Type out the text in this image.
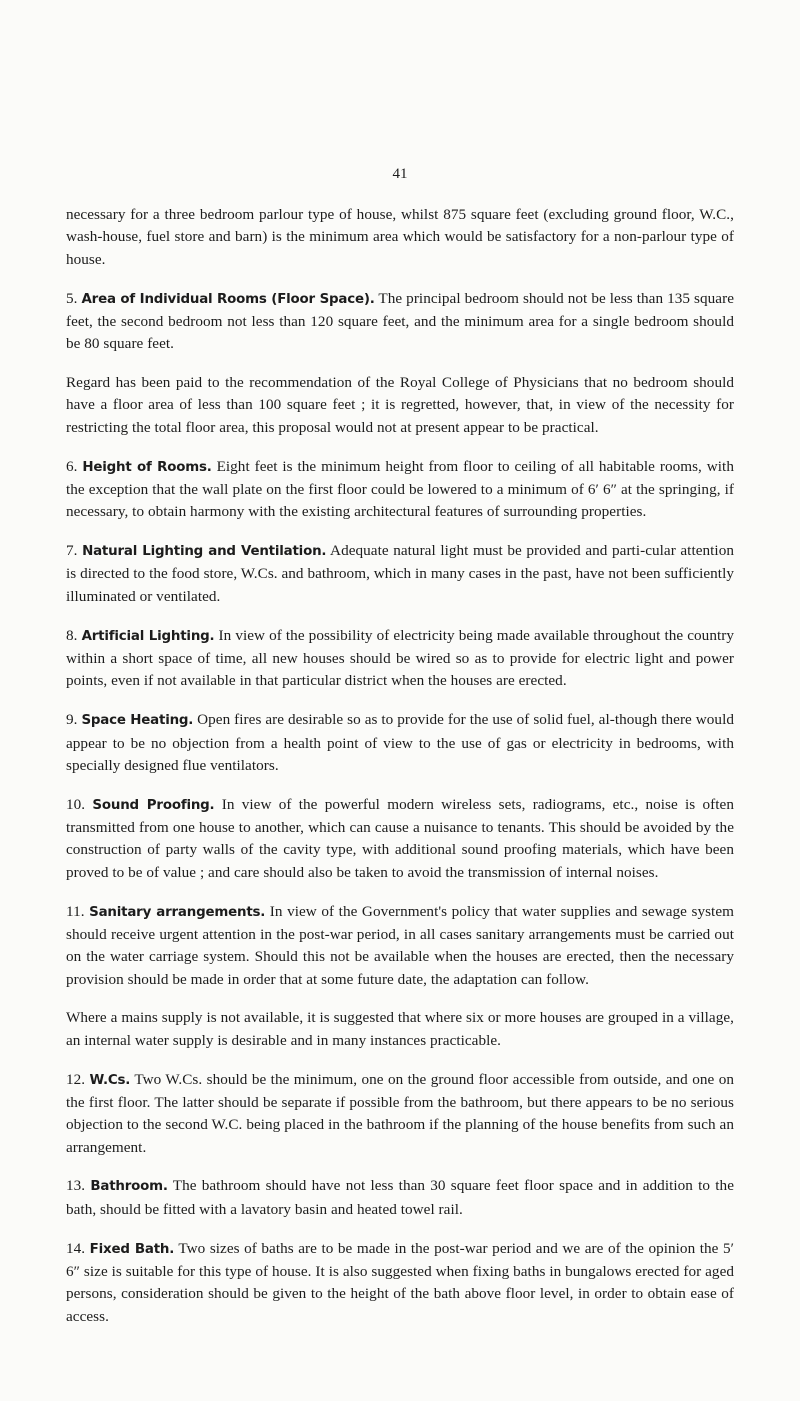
41

necessary for a three bedroom parlour type of house, whilst 875 square feet (excluding ground floor, W.C., wash-house, fuel store and barn) is the minimum area which would be satisfactory for a non-parlour type of house.

5. Area of Individual Rooms (Floor Space). The principal bedroom should not be less than 135 square feet, the second bedroom not less than 120 square feet, and the minimum area for a single bedroom should be 80 square feet.

Regard has been paid to the recommendation of the Royal College of Physicians that no bedroom should have a floor area of less than 100 square feet ; it is regretted, however, that, in view of the necessity for restricting the total floor area, this proposal would not at present appear to be practical.

6. Height of Rooms. Eight feet is the minimum height from floor to ceiling of all habitable rooms, with the exception that the wall plate on the first floor could be lowered to a minimum of 6′ 6″ at the springing, if necessary, to obtain harmony with the existing architectural features of surrounding properties.

7. Natural Lighting and Ventilation. Adequate natural light must be provided and parti-cular attention is directed to the food store, W.Cs. and bathroom, which in many cases in the past, have not been sufficiently illuminated or ventilated.

8. Artificial Lighting. In view of the possibility of electricity being made available throughout the country within a short space of time, all new houses should be wired so as to provide for electric light and power points, even if not available in that particular district when the houses are erected.

9. Space Heating. Open fires are desirable so as to provide for the use of solid fuel, al-though there would appear to be no objection from a health point of view to the use of gas or electricity in bedrooms, with specially designed flue ventilators.

10. Sound Proofing. In view of the powerful modern wireless sets, radiograms, etc., noise is often transmitted from one house to another, which can cause a nuisance to tenants. This should be avoided by the construction of party walls of the cavity type, with additional sound proofing materials, which have been proved to be of value ; and care should also be taken to avoid the transmission of internal noises.

11. Sanitary arrangements. In view of the Government's policy that water supplies and sewage system should receive urgent attention in the post-war period, in all cases sanitary arrangements must be carried out on the water carriage system. Should this not be available when the houses are erected, then the necessary provision should be made in order that at some future date, the adaptation can follow.

Where a mains supply is not available, it is suggested that where six or more houses are grouped in a village, an internal water supply is desirable and in many instances practicable.

12. W.Cs. Two W.Cs. should be the minimum, one on the ground floor accessible from outside, and one on the first floor. The latter should be separate if possible from the bathroom, but there appears to be no serious objection to the second W.C. being placed in the bathroom if the planning of the house benefits from such an arrangement.

13. Bathroom. The bathroom should have not less than 30 square feet floor space and in addition to the bath, should be fitted with a lavatory basin and heated towel rail.

14. Fixed Bath. Two sizes of baths are to be made in the post-war period and we are of the opinion the 5′ 6″ size is suitable for this type of house. It is also suggested when fixing baths in bungalows erected for aged persons, consideration should be given to the height of the bath above floor level, in order to obtain ease of access.
